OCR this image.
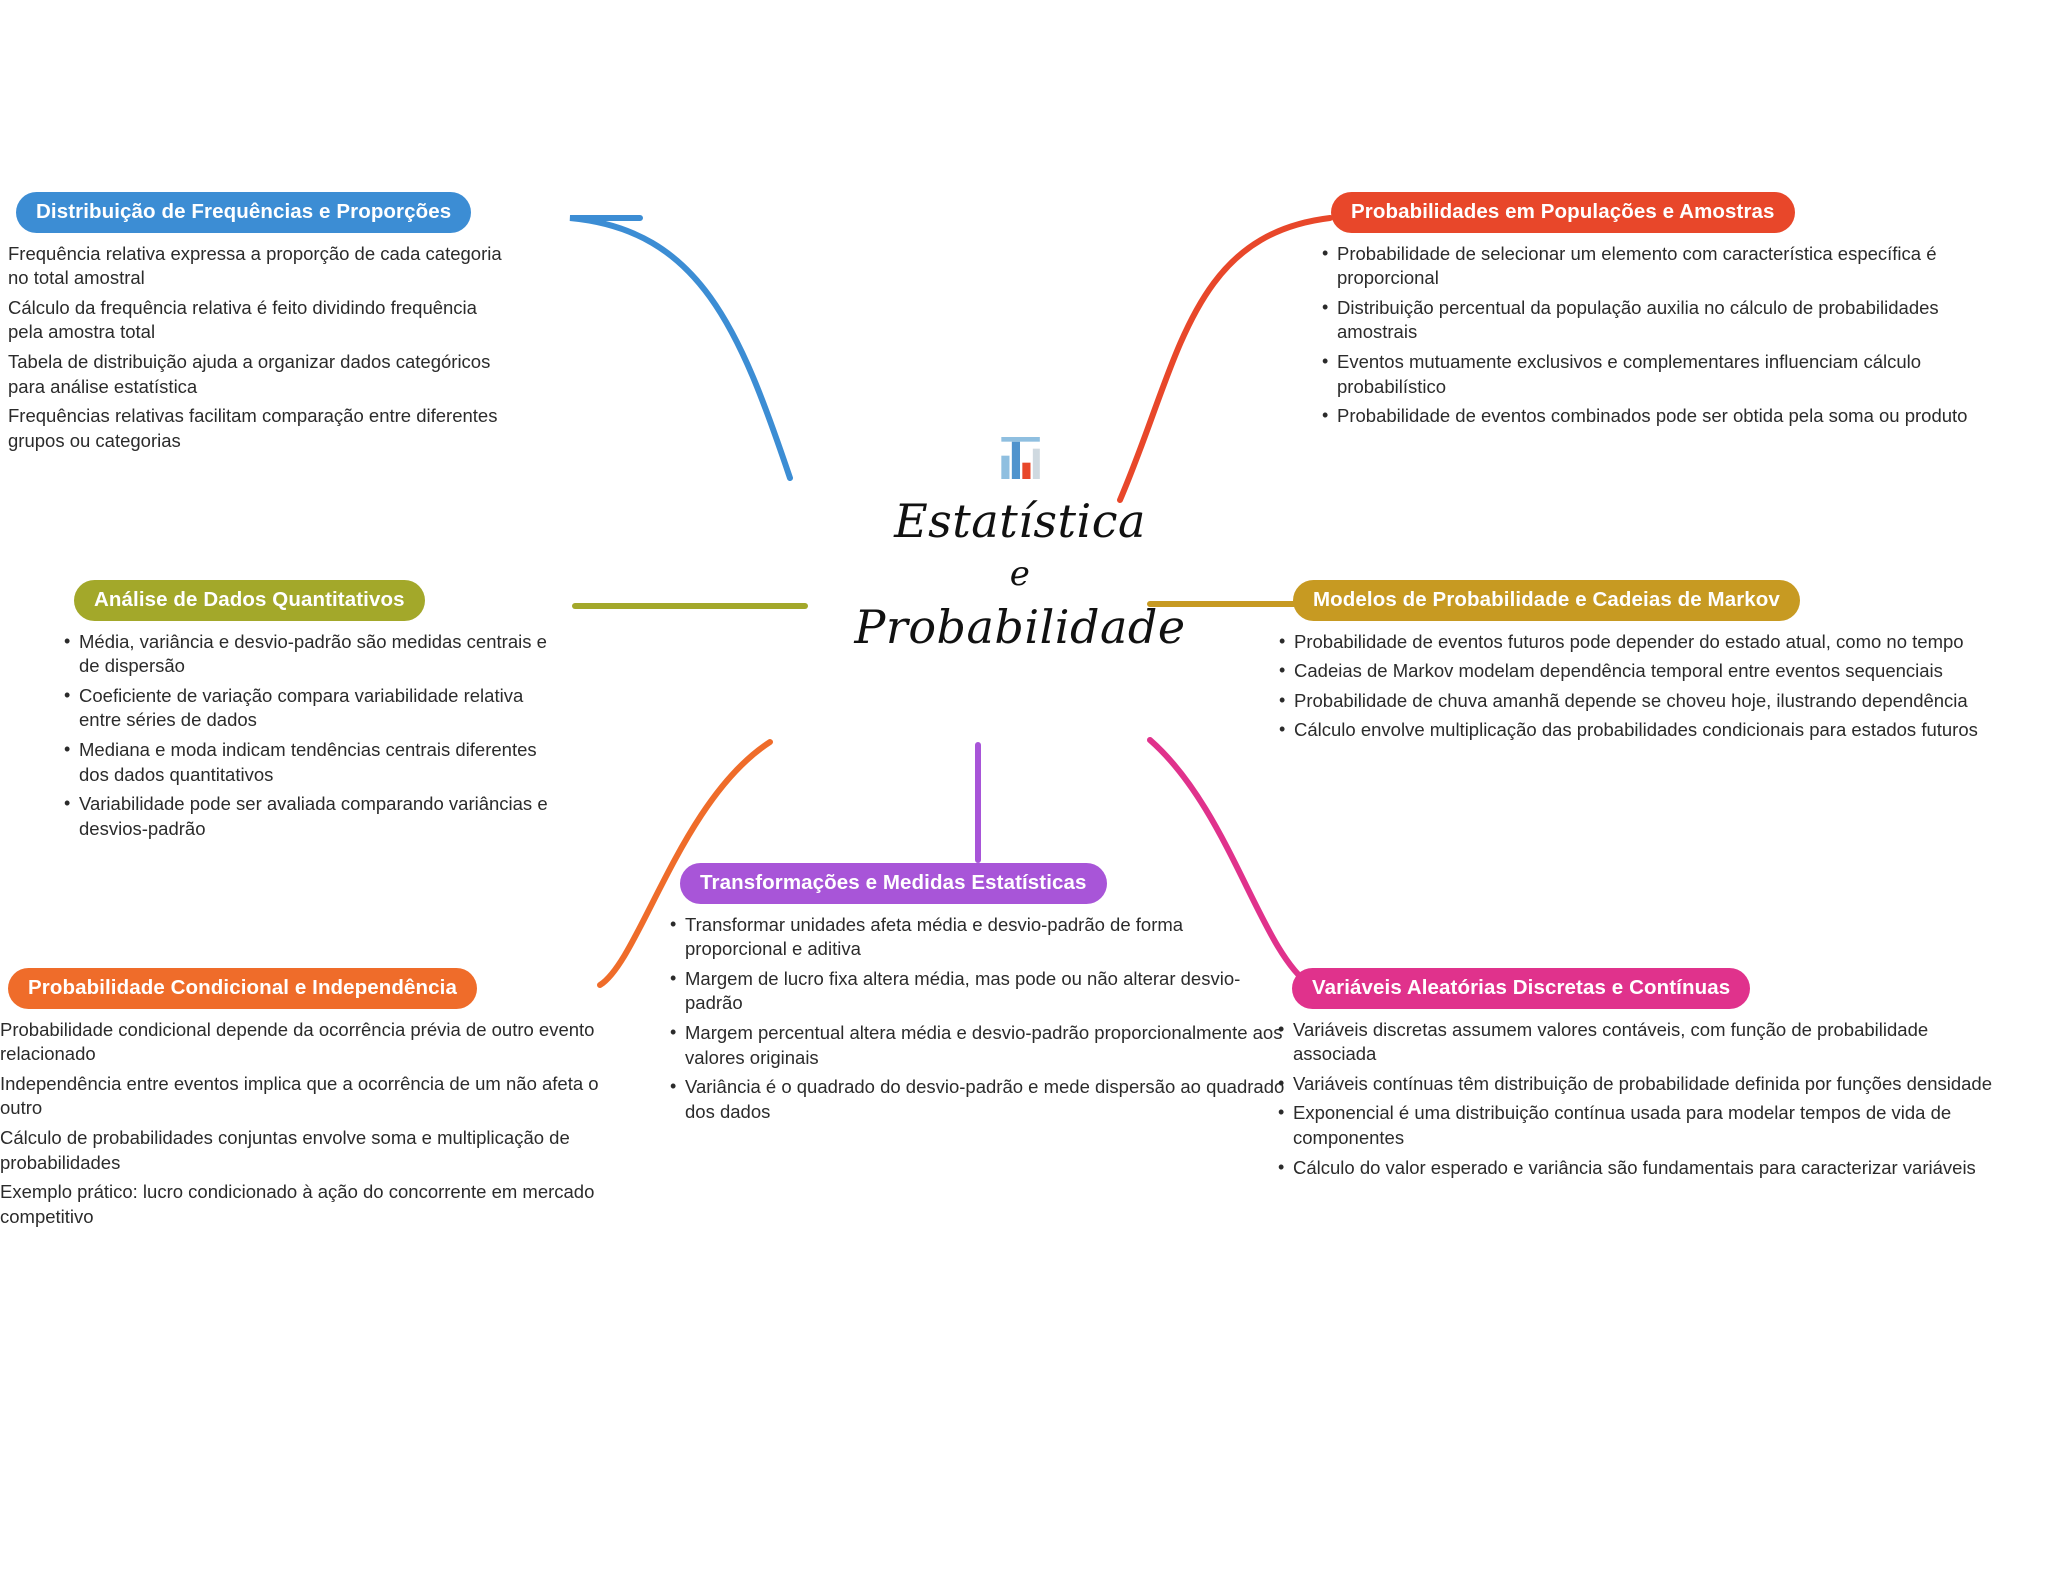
Estatística
e
Probabilidade
Distribuição de Frequências e Proporções
Frequência relativa expressa a proporção de cada categoria no total amostral
Cálculo da frequência relativa é feito dividindo frequência pela amostra total
Tabela de distribuição ajuda a organizar dados categóricos para análise estatística
Frequências relativas facilitam comparação entre diferentes grupos ou categorias
Probabilidades em Populações e Amostras
• Probabilidade de selecionar um elemento com característica específica é proporcional
• Distribuição percentual da população auxilia no cálculo de probabilidades amostrais
• Eventos mutuamente exclusivos e complementares influenciam cálculo probabilístico
• Probabilidade de eventos combinados pode ser obtida pela soma ou produto
Análise de Dados Quantitativos
• Média, variância e desvio-padrão são medidas centrais e de dispersão
• Coeficiente de variação compara variabilidade relativa entre séries de dados
• Mediana e moda indicam tendências centrais diferentes dos dados quantitativos
• Variabilidade pode ser avaliada comparando variâncias e desvios-padrão
Modelos de Probabilidade e Cadeias de Markov
• Probabilidade de eventos futuros pode depender do estado atual, como no tempo
• Cadeias de Markov modelam dependência temporal entre eventos sequenciais
• Probabilidade de chuva amanhã depende se choveu hoje, ilustrando dependência
• Cálculo envolve multiplicação das probabilidades condicionais para estados futuros
Probabilidade Condicional e Independência
Probabilidade condicional depende da ocorrência prévia de outro evento relacionado
Independência entre eventos implica que a ocorrência de um não afeta o outro
Cálculo de probabilidades conjuntas envolve soma e multiplicação de probabilidades
Exemplo prático: lucro condicionado à ação do concorrente em mercado competitivo
Transformações e Medidas Estatísticas
• Transformar unidades afeta média e desvio-padrão de forma proporcional e aditiva
• Margem de lucro fixa altera média, mas pode ou não alterar desvio-padrão
• Margem percentual altera média e desvio-padrão proporcionalmente aos valores originais
• Variância é o quadrado do desvio-padrão e mede dispersão ao quadrado dos dados
Variáveis Aleatórias Discretas e Contínuas
• Variáveis discretas assumem valores contáveis, com função de probabilidade associada
• Variáveis contínuas têm distribuição de probabilidade definida por funções densidade
• Exponencial é uma distribuição contínua usada para modelar tempos de vida de componentes
• Cálculo do valor esperado e variância são fundamentais para caracterizar variáveis
